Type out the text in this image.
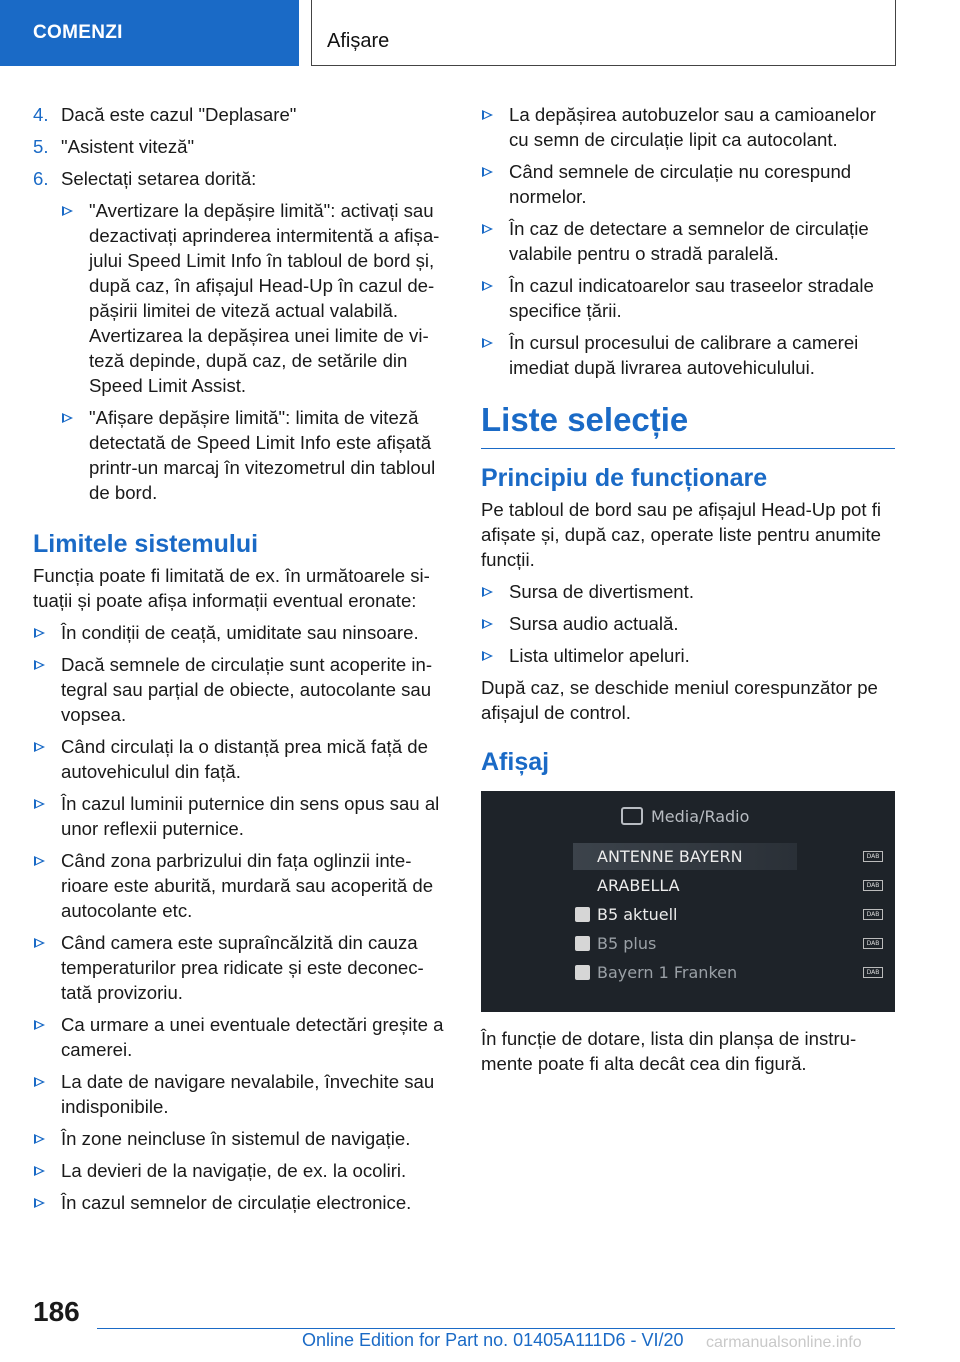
COMENZI	Afișare
4. Dacă este cazul "Deplasare"
5. "Asistent viteză"
6. Selectați setarea dorită:
"Avertizare la depășire limită": activați sau dezactivați aprinderea intermitentă a afișa-jului Speed Limit Info în tabloul de bord și, după caz, în afișajul Head-Up în cazul de-pășirii limitei de viteză actual valabilă. Avertizarea la depășirea unei limite de vi-teză depinde, după caz, de setările din Speed Limit Assist.
"Afișare depășire limită": limita de viteză detectată de Speed Limit Info este afișată printr-un marcaj în vitezometrul din tabloul de bord.
Limitele sistemului
Funcția poate fi limitată de ex. în următoarele si-tuații și poate afișa informații eventual eronate:
În condiții de ceață, umiditate sau ninsoare.
Dacă semnele de circulație sunt acoperite in-tegral sau parțial de obiecte, autocolante sau vopsea.
Când circulați la o distanță prea mică față de autovehiculul din față.
În cazul luminii puternice din sens opus sau al unor reflexii puternice.
Când zona parbrizului din fața oglinzii inte-rioare este aburită, murdară sau acoperită de autocolante etc.
Când camera este supraîncălzită din cauza temperaturilor prea ridicate și este deconec-tată provizoriu.
Ca urmare a unei eventuale detectări greșite a camerei.
La date de navigare nevalabile, învechite sau indisponibile.
În zone neincluse în sistemul de navigație.
La devieri de la navigație, de ex. la ocoliri.
În cazul semnelor de circulație electronice.
La depășirea autobuzelor sau a camioanelor cu semn de circulație lipit ca autocolant.
Când semnele de circulație nu corespund normelor.
În caz de detectare a semnelor de circulație valabile pentru o stradă paralelă.
În cazul indicatoarelor sau traseelor stradale specifice țării.
În cursul procesului de calibrare a camerei imediat după livrarea autovehiculului.
Liste selecție
Principiu de funcționare
Pe tabloul de bord sau pe afișajul Head-Up pot fi afișate și, după caz, operate liste pentru anumite funcții.
Sursa de divertisment.
Sursa audio actuală.
Lista ultimelor apeluri.
După caz, se deschide meniul corespunzător pe afișajul de control.
Afișaj
Media/Radio
ANTENNE BAYERN	DAB
ARABELLA	DAB
B5 aktuell	DAB
B5 plus	DAB
Bayern 1 Franken	DAB
În funcție de dotare, lista din planșa de instru-mente poate fi alta decât cea din figură.
186
Online Edition for Part no. 01405A111D6 - VI/20 carmanualsonline.info
